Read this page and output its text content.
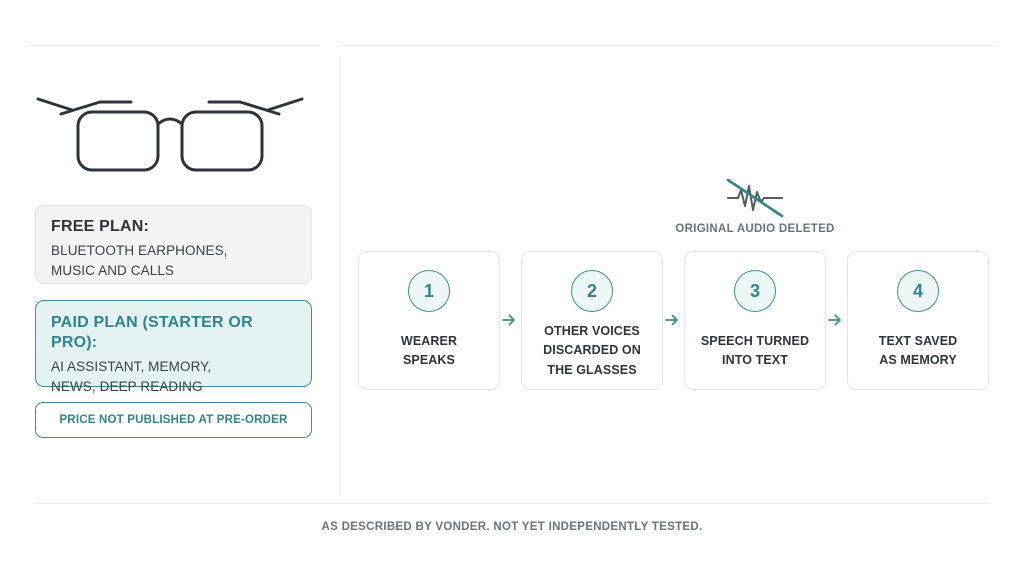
FREE PLAN:
BLUETOOTH EARPHONES,
MUSIC AND CALLS
PAID PLAN (STARTER OR PRO):
AI ASSISTANT, MEMORY,
NEWS, DEEP READING
PRICE NOT PUBLISHED AT PRE-ORDER
ORIGINAL AUDIO DELETED
1
WEARER
SPEAKS
2
OTHER VOICES
DISCARDED ON
THE GLASSES
3
SPEECH TURNED
INTO TEXT
4
TEXT SAVED
AS MEMORY
AS DESCRIBED BY VONDER. NOT YET INDEPENDENTLY TESTED.
